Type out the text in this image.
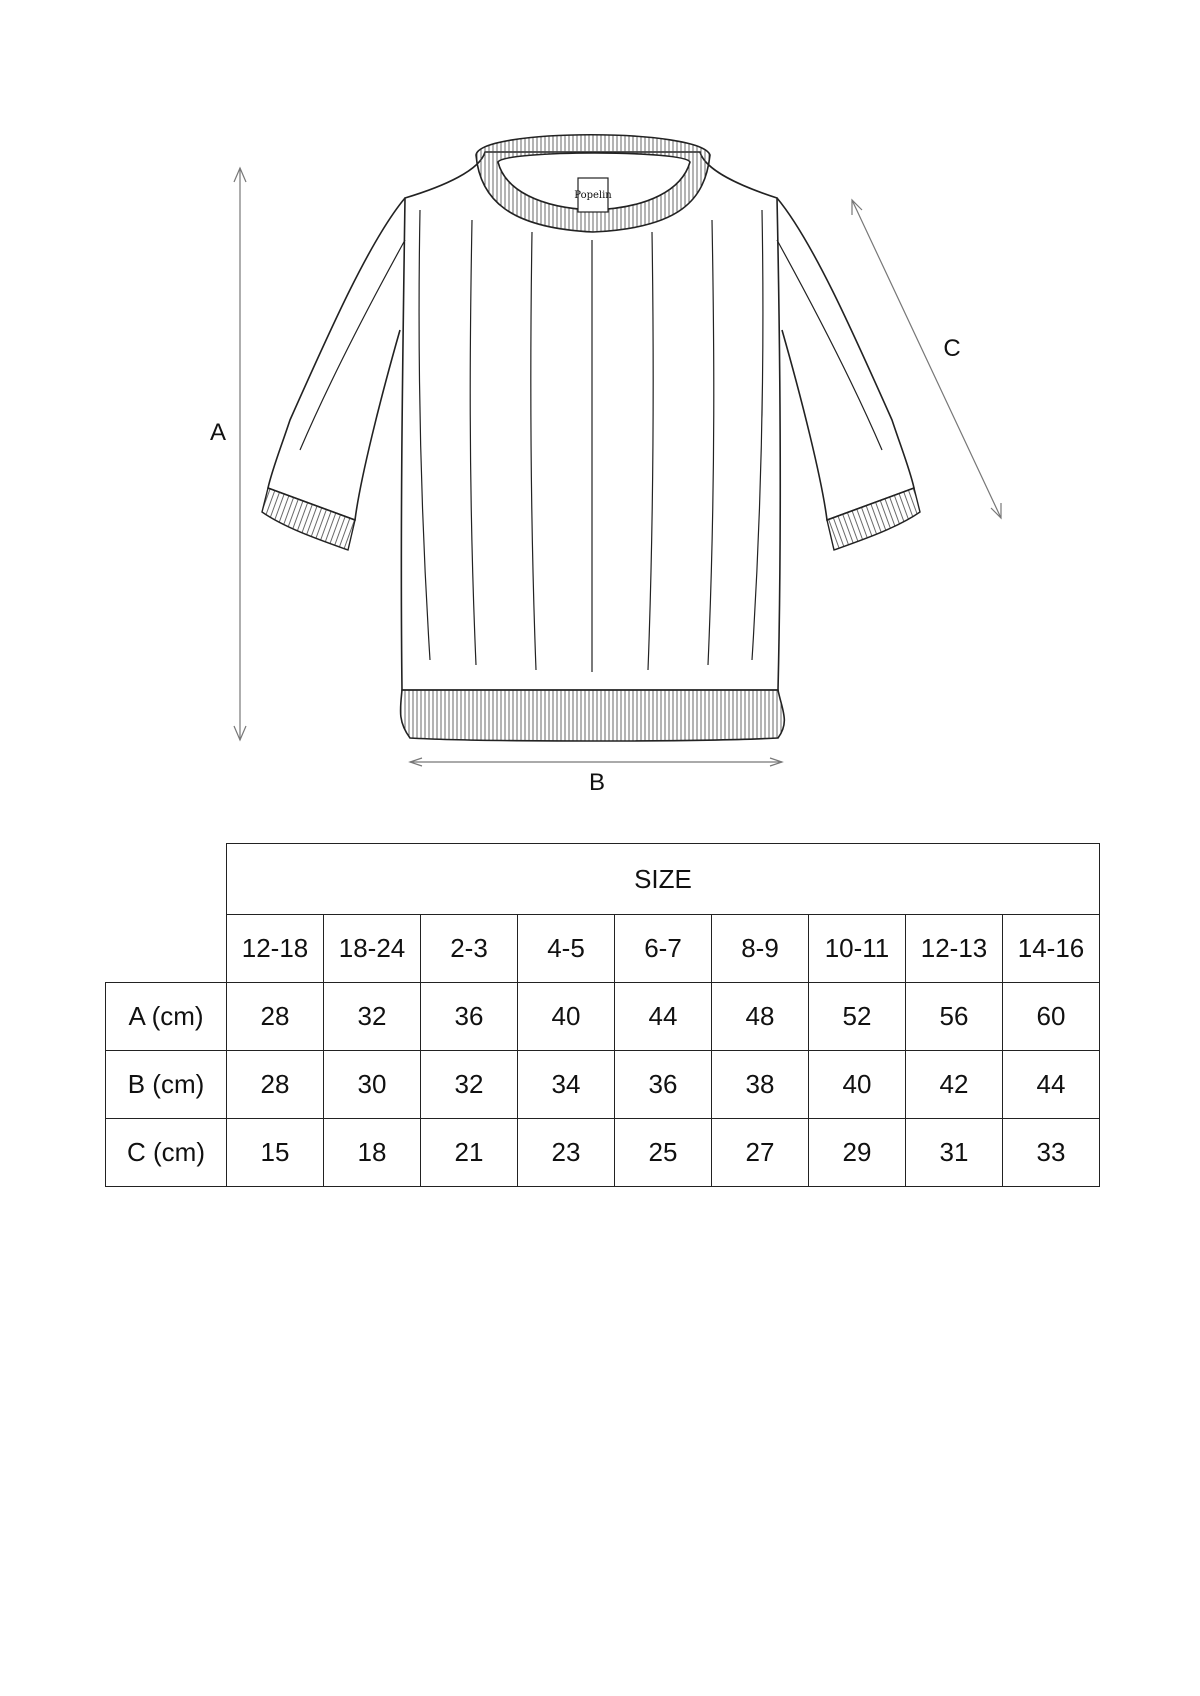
Popelin
A
B
C
	SIZE								
	12-18	18-24	2-3	4-5	6-7	8-9	10-11	12-13	14-16
A (cm)	28	32	36	40	44	48	52	56	60
B (cm)	28	30	32	34	36	38	40	42	44
C (cm)	15	18	21	23	25	27	29	31	33
